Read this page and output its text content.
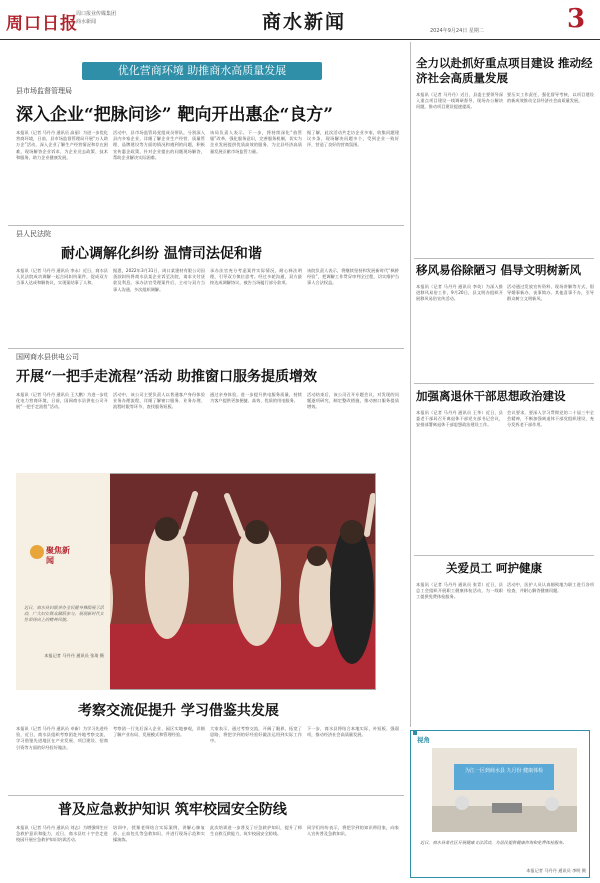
周口日报
周口报业传媒集团
商水新闻	商水新闻	2024年9月24日 星期二	3
优化营商环境 助推商水高质量发展
县市场监督管理局
深入企业“把脉问诊” 靶向开出惠企“良方”

本报讯（记者 马丹丹 通讯员 高丽）为进一步优化营商环境，日前，县市场监督管理局开展“万人助万企”活动，深入企业了解生产经营情况和存在困难，现场解答企业诉求，为企业送去政策、技术和服务，助力企业健康发展。

活动中，县市场监管局党组成员带队，分别深入县内多家企业，详细了解企业生产经营、质量管理、品牌建设等方面的情况和遇到的问题，积极宣传惠企政策，针对企业提出的问题现场解答，帮助企业解决实际困难。

该局负责人表示，下一步，将持续深化“放管服”改革，强化服务意识，完善服务机制，切实为企业发展提供优质高效的服务，为全县经济高质量发展贡献市场监管力量。

据了解，此次活动共走访企业多家，收集问题建议多条，现场解决问题多个，受到企业一致好评，营造了良好的营商氛围。

县人民法院
耐心调解化纠纷 温情司法促和谐

本报讯（记者 马丹丹 通讯员 李永）近日，商水县人民法院成功调解一起合同纠纷案件，促成双方当事人达成和解协议，实现案结事了人和。

据悉，2022年3月31日，周口某建材有限公司因货款纠纷将商水县某企业诉至法院，请求支付货款及利息。承办法官受理案件后，主动与双方当事人沟通，多次组织调解。

承办法官充分考虑案件实际情况，耐心释法明理，引导双方换位思考。经过多轮沟通，双方最终达成调解协议，被告当场履行部分款项。

该院负责人表示，将继续坚持和发展新时代“枫桥经验”，把调解工作贯穿审判全过程，切实维护当事人合法权益。

国网商水县供电公司
开展“一把手走流程”活动 助推窗口服务提质增效

本报讯（记者 马丹丹 通讯员 王大鹏）为进一步优化电力营商环境，日前，国网商水县供电公司开展“一把手走流程”活动。

活动中，该公司主要负责人以普通客户身份体验业务办理流程，详细了解窗口服务、业务办理、流程时限等环节，查找服务短板。

通过亲身体验，进一步提升供电服务质量，持续为客户提供更加便捷、高效、优质的用电服务。

活动结束后，该公司召开专题会议，对发现的问题逐项研究，制定整改措施，推动窗口服务提质增效。

聚焦新闻

近日，商水县妇联举办全民健身舞蹈展示活动，广大妇女群众踊跃参与，展现新时代女性昂扬向上的精神风貌。

本报记者 马丹丹 通讯员 张琦 摄
考察交流促提升 学习借鉴共发展

本报讯（记者 马丹丹 通讯员 卓新）为学习先进经验，近日，商水县组织考察团赴外地考察交流，学习借鉴先进地区在产业发展、项目建设、招商引资等方面的好经验好做法。

考察团一行先后深入企业、园区实地参观，详细了解产业布局、发展模式和管理经验。

大家表示，通过考察交流，开阔了眼界，拓宽了思路，将把学到的好经验好做法运用到实际工作中。

下一步，商水县将结合本地实际，补短板、强弱项，推动经济社会高质量发展。

普及应急救护知识 筑牢校园安全防线

本报讯（记者 马丹丹 通讯员 刘志）为增强师生应急救护意识和能力，近日，商水县红十字会走进校园开展应急救护知识培训活动。

培训中，授课老师结合实际案例，讲解心肺复苏、止血包扎等急救知识，并进行现场示范和实操演练。

此次培训进一步普及了应急救护知识，提升了师生自救互救能力，筑牢校园安全防线。

同学们纷纷表示，将把学到的知识带回家，向家人宣传普及急救知识。

全力以赴抓好重点项目建设 推动经济社会高质量发展

本报讯（记者 马丹丹）近日，县委主要领导深入重点项目建设一线调研督导，现场办公解决问题，推动项目建设提速提质。

要压实工作责任，强化督导考核，以项目建设的新成效推动全县经济社会高质量发展。

移风易俗除陋习 倡导文明树新风

本报讯（记者 马丹丹 通讯员 李英）为深入推进移风易俗工作，9月20日，县文明办组织开展移风易俗宣传活动。

活动通过发放宣传资料、现场讲解等方式，倡导婚事新办、丧事简办、其他喜事不办，引导群众树立文明新风。

加强离退休干部思想政治建设

本报讯（记者 马丹丹 通讯员 王华）近日，县委老干部局召开离退休干部党支部书记会议，安排部署离退休干部思想政治建设工作。

会议要求，要深入学习贯彻党的二十届三中全会精神，不断加强离退休干部党组织建设，充分发挥老干部作用。

关爱员工 呵护健康

本报讯（记者 马丹丹 通讯员 张青）近日，县总工会组织开展职工健康体检活动，为一线职工提供免费体检服务。

活动中，医护人员认真细致地为职工进行各项检查，并耐心解答健康问题。

视角
为江一区到商水县 九月份 健康体检

近日，商水县某社区开展健康义诊活动，为居民提供健康咨询和免费体检服务。

本报记者 马丹丹 通讯员 李明 摄
